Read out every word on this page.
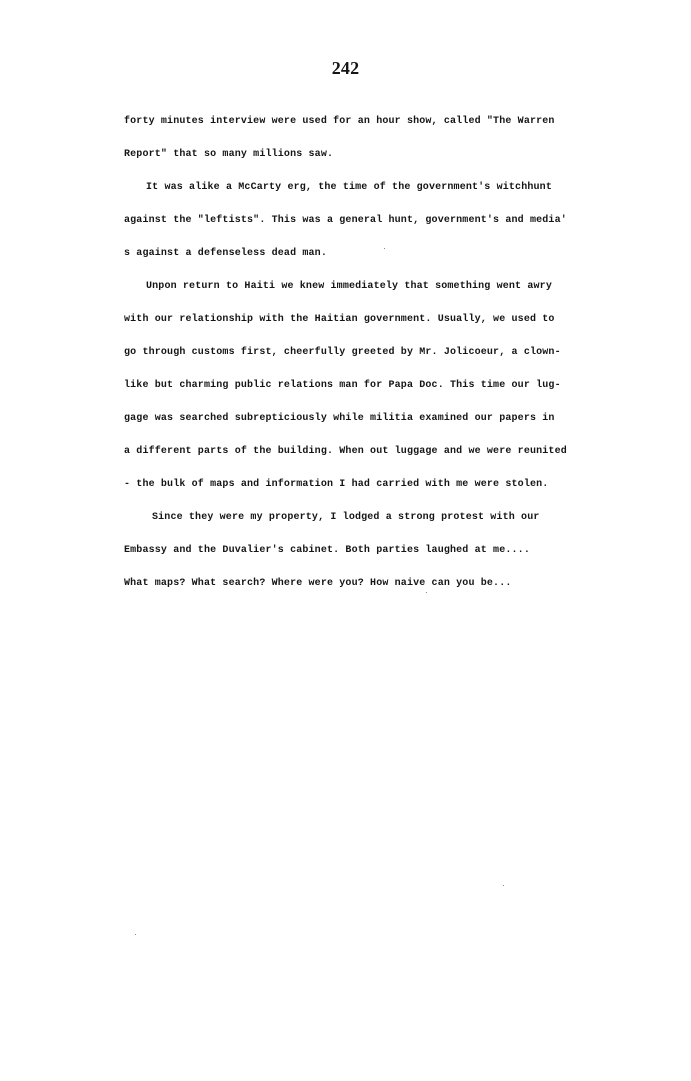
242
forty minutes interview were used for an hour show, called "The Warren
Report" that so many millions saw.
It was alike a McCarty erg, the time of the government's witchhunt
against the "leftists". This was a general hunt, government's and media'
s against a defenseless dead man.
Unpon return to Haiti we knew immediately that something went awry
with our relationship with the Haitian government. Usually, we used to
go through customs first, cheerfully greeted by Mr. Jolicoeur, a clown-
like but charming public relations man for Papa Doc. This time our lug-
gage was searched subrepticiously while militia examined our papers in
a different parts of the building. When out luggage and we were reunited
- the bulk of maps and information I had carried with me were stolen.
Since they were my property, I lodged a strong protest with our
Embassy and the Duvalier's cabinet. Both parties laughed at me....
What maps? What search? Where were you? How naive can you be...
